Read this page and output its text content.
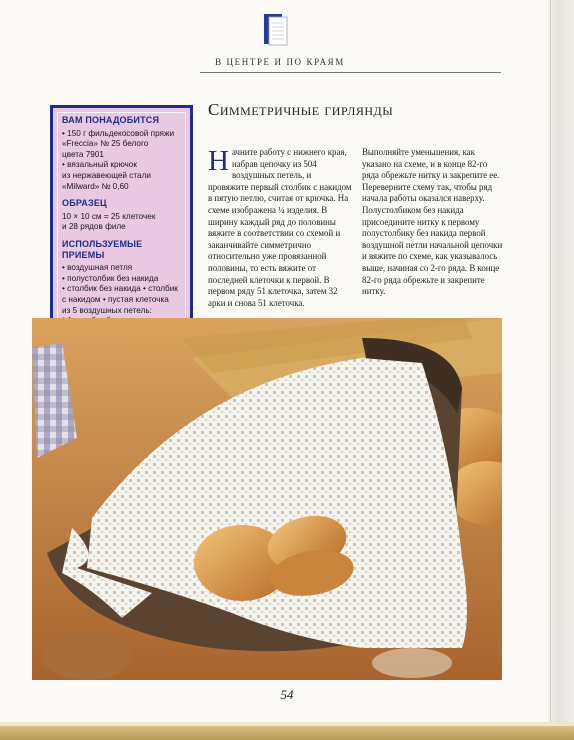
В ЦЕНТРЕ И ПО КРАЯМ
Симметричные гирлянды
ВАМ ПОНАДОБИТСЯ
• 150 г фильдекосовой пряжи
«Freccia» № 25 белого
цвета 7901
• вязальный крючок
из нержавеющей стали
«Milward» № 0,60
ОБРАЗЕЦ
10 × 10 см = 25 клеточек
и 28 рядов филе
ИСПОЛЬЗУЕМЫЕ ПРИЕМЫ
• воздушная петля
• полустолбик без накида
• столбик без накида • столбик
с накидом • пустая клеточка
из 5 воздушных петель:
Начните работу с нижнего края, набрав цепочку из 504 воздушных петель, и провяжите первый столбик с накидом в пятую петлю, считая от крючка. На схеме изображена ¼ изделия. В ширину каждый ряд до половины вяжите в соответствии со схемой и заканчивайте симметрично относительно уже провязанной половины, то есть вяжите от последней клеточки к первой. В первом ряду 51 клеточка, затем 32 арки и снова 51 клеточка.
Выполняйте уменьшения, как указано на схеме, и в конце 82-го ряда обрежьте нитку и закрепите ее. Переверните схему так, чтобы ряд начала работы оказался наверху. Полустолбиком без накида присоедините нитку к первому полустолбику без накида первой воздушной петли начальной цепочки и вяжите по схеме, как указывалось выше, начиная со 2-го ряда. В конце 82-го ряда обрежьте и закрепите нитку.
54
